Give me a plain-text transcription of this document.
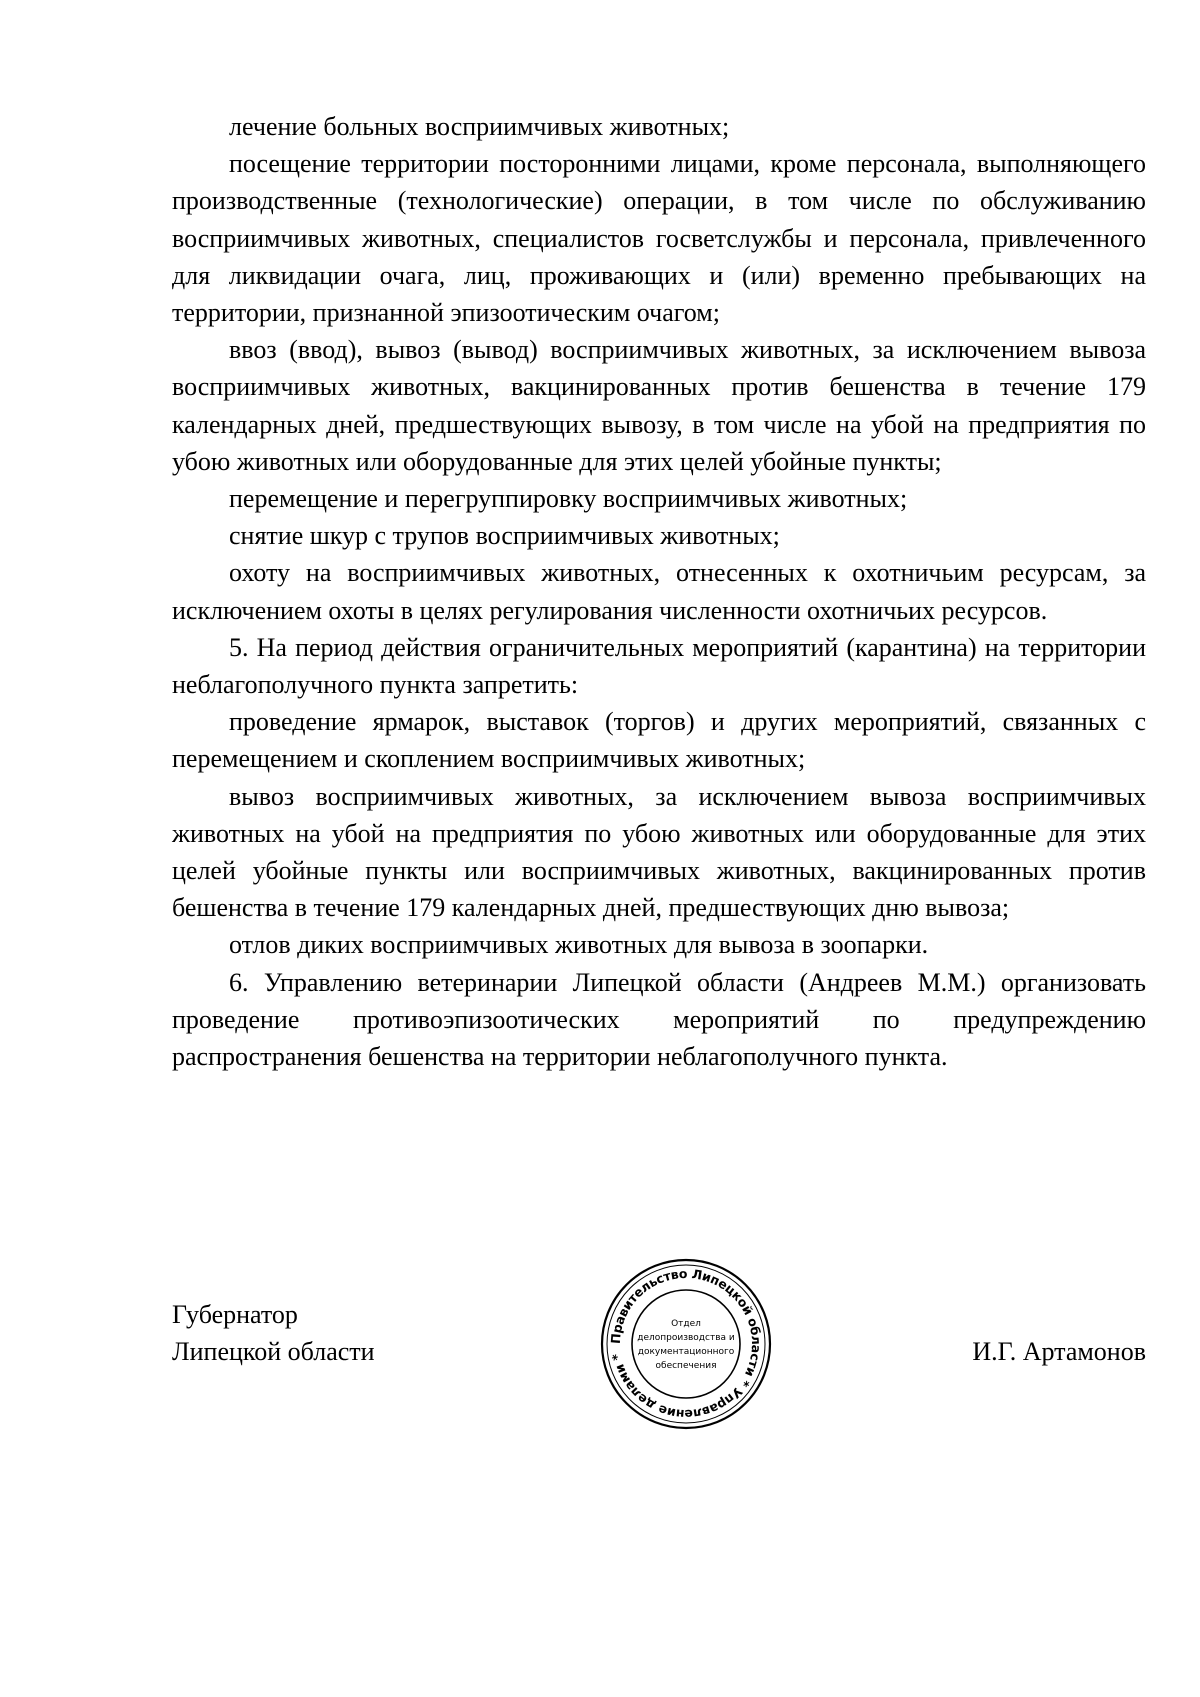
лечение больных восприимчивых животных;

посещение территории посторонними лицами, кроме персонала, выполняющего производственные (технологические) операции, в том числе по обслуживанию восприимчивых животных, специалистов госветслужбы и персонала, привлеченного для ликвидации очага, лиц, проживающих и (или) временно пребывающих на территории, признанной эпизоотическим очагом;

ввоз (ввод), вывоз (вывод) восприимчивых животных, за исключением вывоза восприимчивых животных, вакцинированных против бешенства в течение 179 календарных дней, предшествующих вывозу, в том числе на убой на предприятия по убою животных или оборудованные для этих целей убойные пункты;

перемещение и перегруппировку восприимчивых животных;

снятие шкур с трупов восприимчивых животных;

охоту на восприимчивых животных, отнесенных к охотничьим ресурсам, за исключением охоты в целях регулирования численности охотничьих ресурсов.

5. На период действия ограничительных мероприятий (карантина) на территории неблагополучного пункта запретить:

проведение ярмарок, выставок (торгов) и других мероприятий, связанных с перемещением и скоплением восприимчивых животных;

вывоз восприимчивых животных, за исключением вывоза восприимчивых животных на убой на предприятия по убою животных или оборудованные для этих целей убойные пункты или восприимчивых животных, вакцинированных против бешенства в течение 179 календарных дней, предшествующих дню вывоза;

отлов диких восприимчивых животных для вывоза в зоопарки.

6. Управлению ветеринарии Липецкой области (Андреев М.М.) организовать проведение противоэпизоотических мероприятий по предупреждению распространения бешенства на территории неблагополучного пункта.

Губернатор
Липецкой области	И.Г. Артамонов
Правительство Липецкой области * Управление делами *
Отдел
делопроизводства и
документационного
обеспечения
